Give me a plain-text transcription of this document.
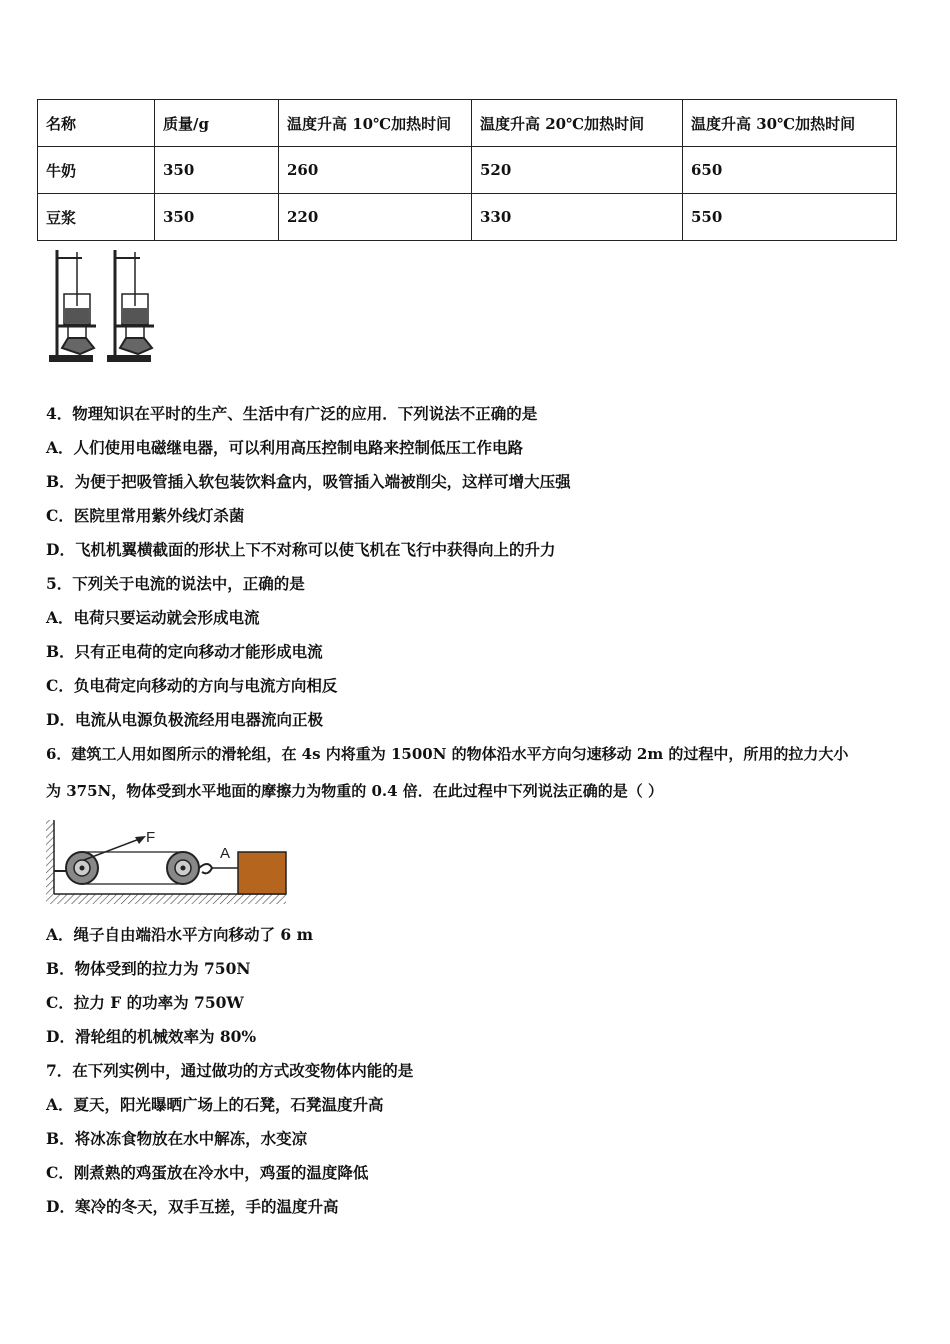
名称	质量/g	温度升高 10℃加热时间	温度升高 20℃加热时间	温度升高 30℃加热时间
牛奶	350	260	520	650
豆浆	350	220	330	550
4．物理知识在平时的生产、生活中有广泛的应用．下列说法不正确的是
A．人们使用电磁继电器，可以利用高压控制电路来控制低压工作电路
B．为便于把吸管插入软包装饮料盒内，吸管插入端被削尖，这样可增大压强
C．医院里常用紫外线灯杀菌
D．飞机机翼横截面的形状上下不对称可以使飞机在飞行中获得向上的升力
5．下列关于电流的说法中，正确的是
A．电荷只要运动就会形成电流
B．只有正电荷的定向移动才能形成电流
C．负电荷定向移动的方向与电流方向相反
D．电流从电源负极流经用电器流向正极
6．建筑工人用如图所示的滑轮组，在 4s 内将重为 1500N 的物体沿水平方向匀速移动 2m 的过程中，所用的拉力大小
为 375N，物体受到水平地面的摩擦力为物重的 0.4 倍．在此过程中下列说法正确的是（ ）
F
A
A．绳子自由端沿水平方向移动了 6 m
B．物体受到的拉力为 750N
C．拉力 F 的功率为 750W
D．滑轮组的机械效率为 80%
7．在下列实例中，通过做功的方式改变物体内能的是
A．夏天，阳光曝晒广场上的石凳，石凳温度升高
B．将冰冻食物放在水中解冻，水变凉
C．刚煮熟的鸡蛋放在冷水中，鸡蛋的温度降低
D．寒冷的冬天，双手互搓，手的温度升高
